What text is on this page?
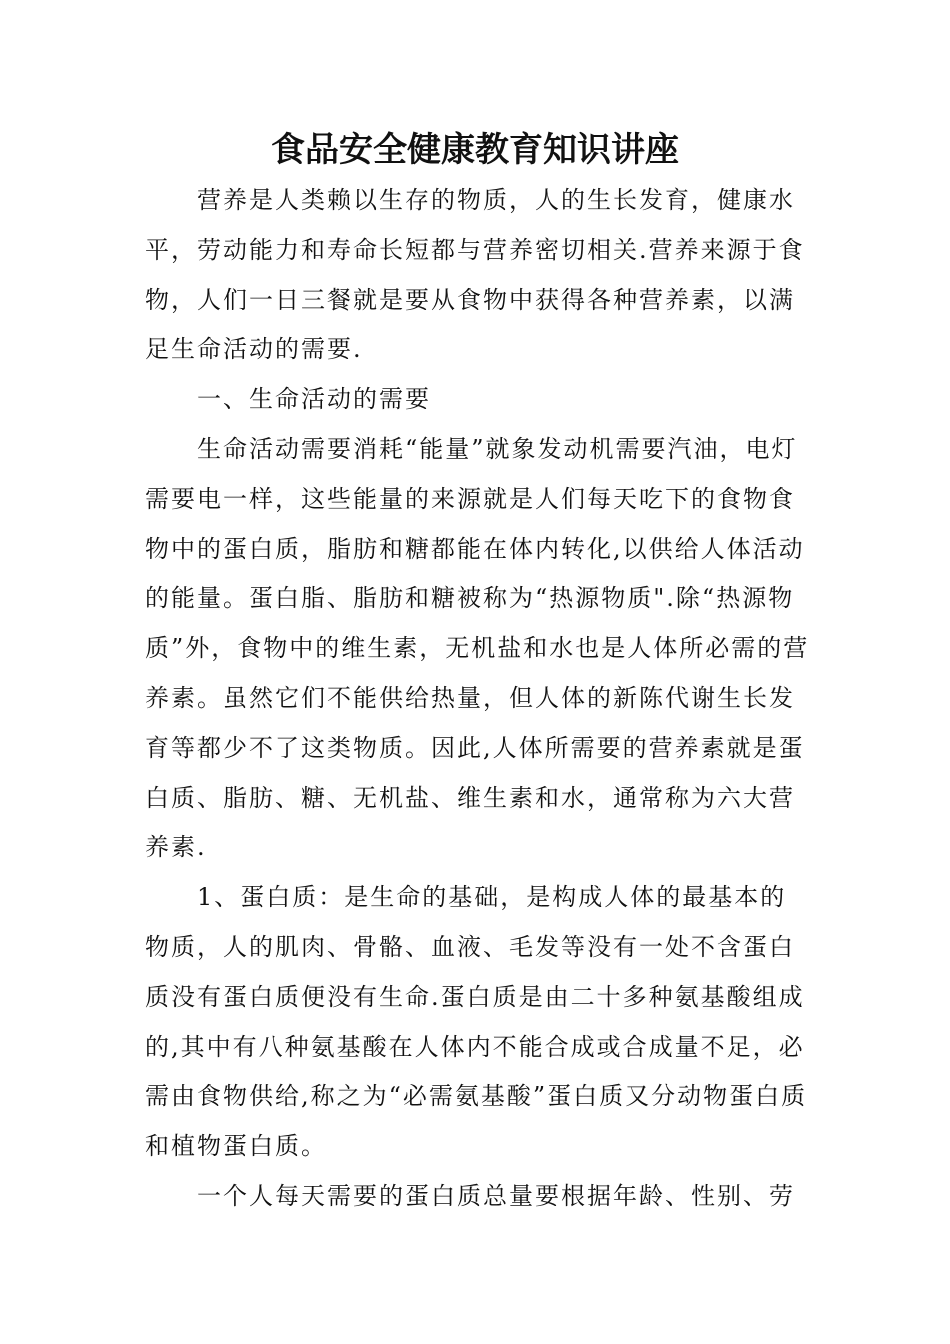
食品安全健康教育知识讲座

营养是人类赖以生存的物质，人的生长发育，健康水平，劳动能力和寿命长短都与营养密切相关.营养来源于食物，人们一日三餐就是要从食物中获得各种营养素，以满足生命活动的需要.

一、生命活动的需要

生命活动需要消耗“能量”就象发动机需要汽油，电灯需要电一样，这些能量的来源就是人们每天吃下的食物食物中的蛋白质，脂肪和糖都能在体内转化,以供给人体活动的能量。蛋白脂、脂肪和糖被称为“热源物质".除“热源物质”外，食物中的维生素，无机盐和水也是人体所必需的营养素。虽然它们不能供给热量，但人体的新陈代谢生长发育等都少不了这类物质。因此,人体所需要的营养素就是蛋白质、脂肪、糖、无机盐、维生素和水，通常称为六大营养素.

1、蛋白质：是生命的基础，是构成人体的最基本的物质，人的肌肉、骨骼、血液、毛发等没有一处不含蛋白质没有蛋白质便没有生命.蛋白质是由二十多种氨基酸组成的,其中有八种氨基酸在人体内不能合成或合成量不足，必需由食物供给,称之为“必需氨基酸”蛋白质又分动物蛋白质和植物蛋白质。

一个人每天需要的蛋白质总量要根据年龄、性别、劳
